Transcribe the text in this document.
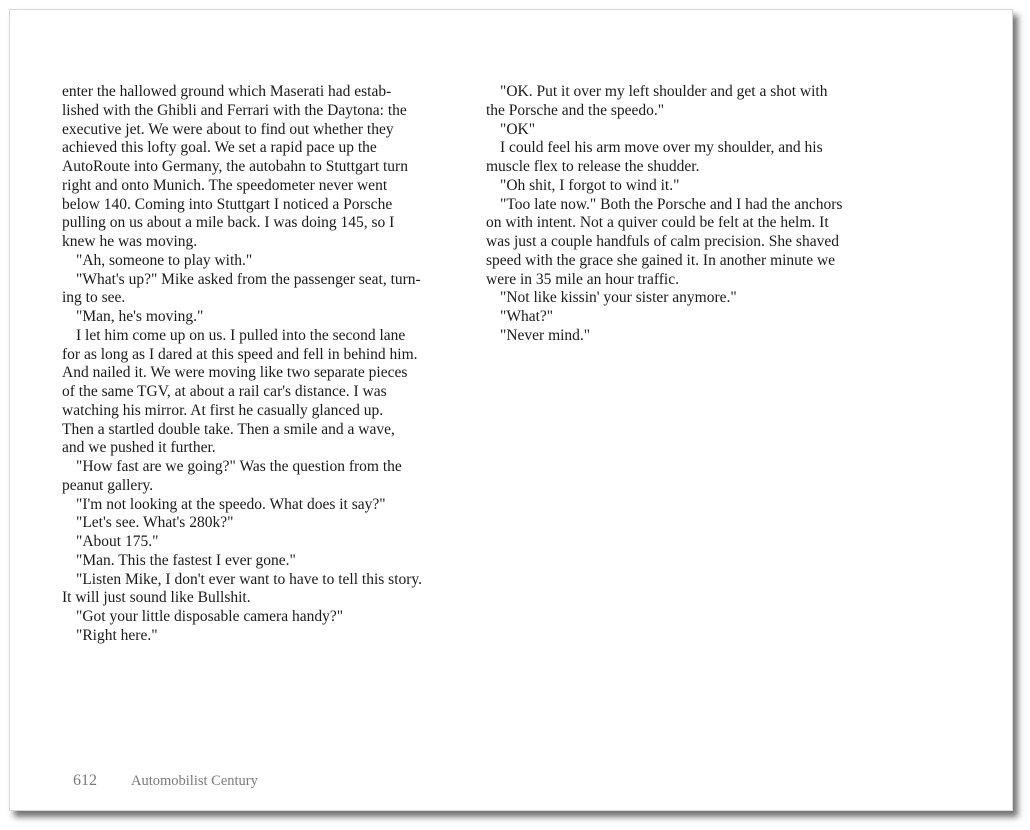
enter the hallowed ground which Maserati had estab-
lished with the Ghibli and Ferrari with the Daytona: the
executive jet. We were about to find out whether they
achieved this lofty goal. We set a rapid pace up the
AutoRoute into Germany, the autobahn to Stuttgart turn
right and onto Munich. The speedometer never went
below 140. Coming into Stuttgart I noticed a Porsche
pulling on us about a mile back. I was doing 145, so I
knew he was moving.

"Ah, someone to play with."

"What's up?" Mike asked from the passenger seat, turn-
ing to see.

"Man, he's moving."

I let him come up on us. I pulled into the second lane
for as long as I dared at this speed and fell in behind him.
And nailed it. We were moving like two separate pieces
of the same TGV, at about a rail car's distance. I was
watching his mirror. At first he casually glanced up.
Then a startled double take. Then a smile and a wave,
and we pushed it further.

"How fast are we going?" Was the question from the
peanut gallery.

"I'm not looking at the speedo. What does it say?"

"Let's see. What's 280k?"

"About 175."

"Man. This the fastest I ever gone."

"Listen Mike, I don't ever want to have to tell this story.
It will just sound like Bullshit.

"Got your little disposable camera handy?"

"Right here."

"OK. Put it over my left shoulder and get a shot with
the Porsche and the speedo."

"OK"

I could feel his arm move over my shoulder, and his
muscle flex to release the shudder.

"Oh shit, I forgot to wind it."

"Too late now." Both the Porsche and I had the anchors
on with intent. Not a quiver could be felt at the helm. It
was just a couple handfuls of calm precision. She shaved
speed with the grace she gained it. In another minute we
were in 35 mile an hour traffic.

"Not like kissin' your sister anymore."

"What?"

"Never mind."

612 Automobilist Century
